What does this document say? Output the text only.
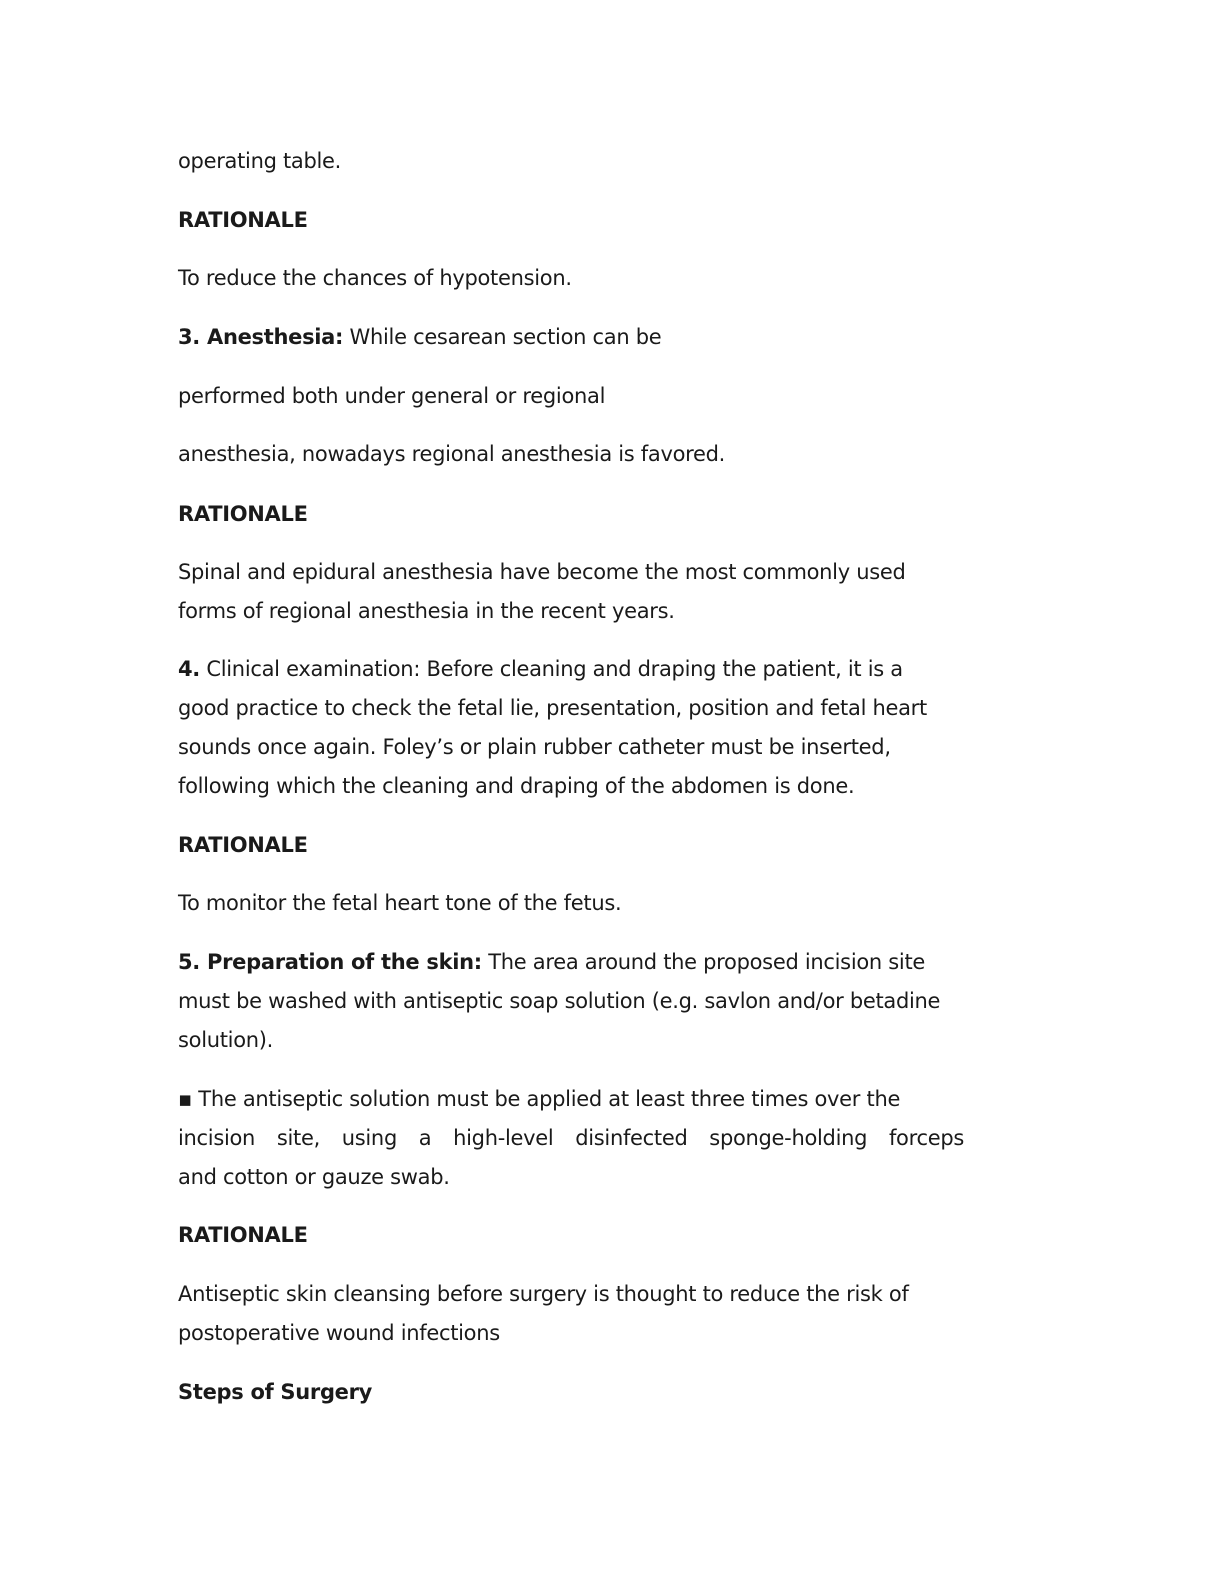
operating table.
RATIONALE
To reduce the chances of hypotension.
3. Anesthesia: While cesarean section can be
performed both under general or regional
anesthesia, nowadays regional anesthesia is favored.
RATIONALE
Spinal and epidural anesthesia have become the most commonly used
forms of regional anesthesia in the recent years.
4. Clinical examination: Before cleaning and draping the patient, it is a
good practice to check the fetal lie, presentation, position and fetal heart
sounds once again. Foley’s or plain rubber catheter must be inserted,
following which the cleaning and draping of the abdomen is done.
RATIONALE
To monitor the fetal heart tone of the fetus.
5. Preparation of the skin: The area around the proposed incision site
must be washed with antiseptic soap solution (e.g. savlon and/or betadine
solution).
▪ The antiseptic solution must be applied at least three times over the
incision site, using a high-level disinfected sponge-holding forceps
and cotton or gauze swab.
RATIONALE
Antiseptic skin cleansing before surgery is thought to reduce the risk of
postoperative wound infections
Steps of Surgery
